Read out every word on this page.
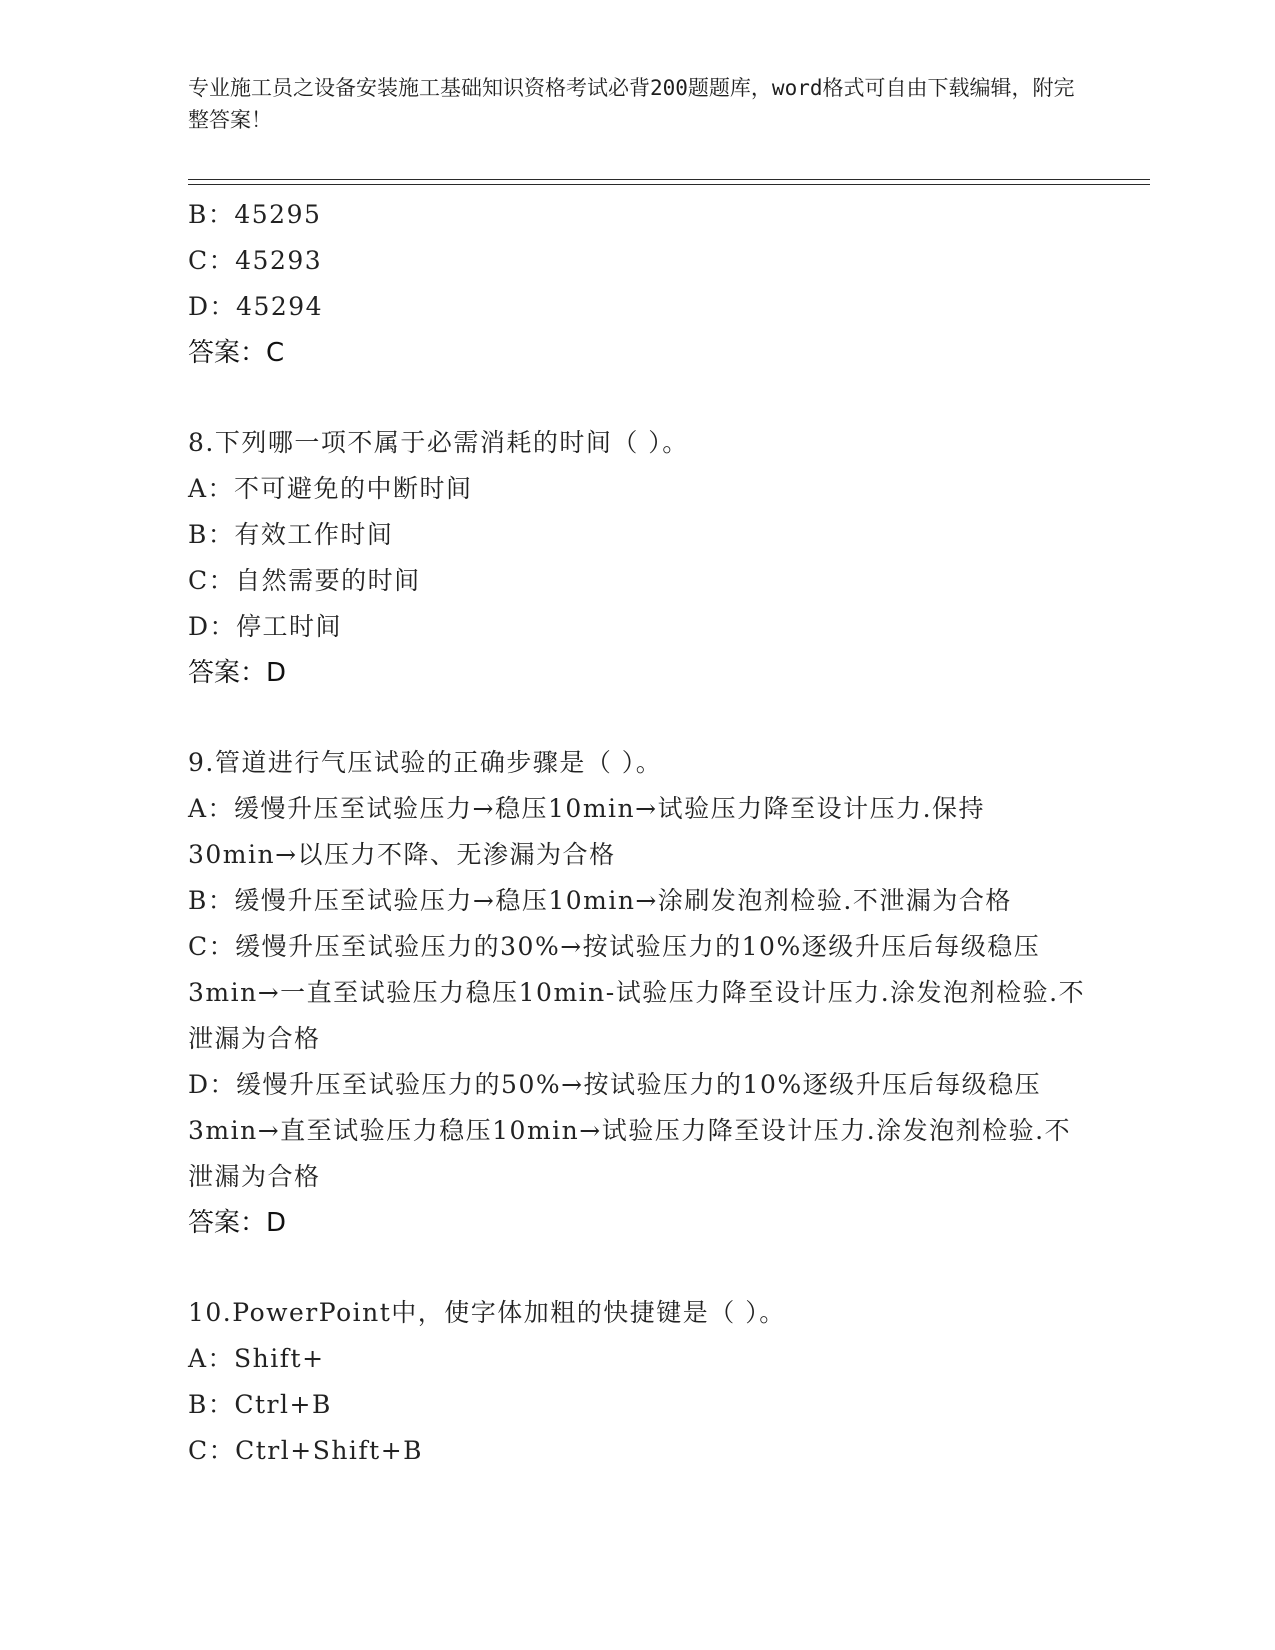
专业施工员之设备安装施工基础知识资格考试必背200题题库，word格式可自由下载编辑，附完整答案！
B：45295
C：45293
D：45294
答案：C
8.下列哪一项不属于必需消耗的时间（ ）。
A：不可避免的中断时间
B：有效工作时间
C：自然需要的时间
D：停工时间
答案：D
9.管道进行气压试验的正确步骤是（ ）。
A：缓慢升压至试验压力→稳压10min→试验压力降至设计压力.保持30min→以压力不降、无渗漏为合格
B：缓慢升压至试验压力→稳压10min→涂刷发泡剂检验.不泄漏为合格
C：缓慢升压至试验压力的30%→按试验压力的10%逐级升压后每级稳压3min→一直至试验压力稳压10min-试验压力降至设计压力.涂发泡剂检验.不泄漏为合格
D：缓慢升压至试验压力的50%→按试验压力的10%逐级升压后每级稳压3min→直至试验压力稳压10min→试验压力降至设计压力.涂发泡剂检验.不泄漏为合格
答案：D
10.PowerPoint中，使字体加粗的快捷键是（ ）。
A：Shift+
B：Ctrl+B
C：Ctrl+Shift+B
